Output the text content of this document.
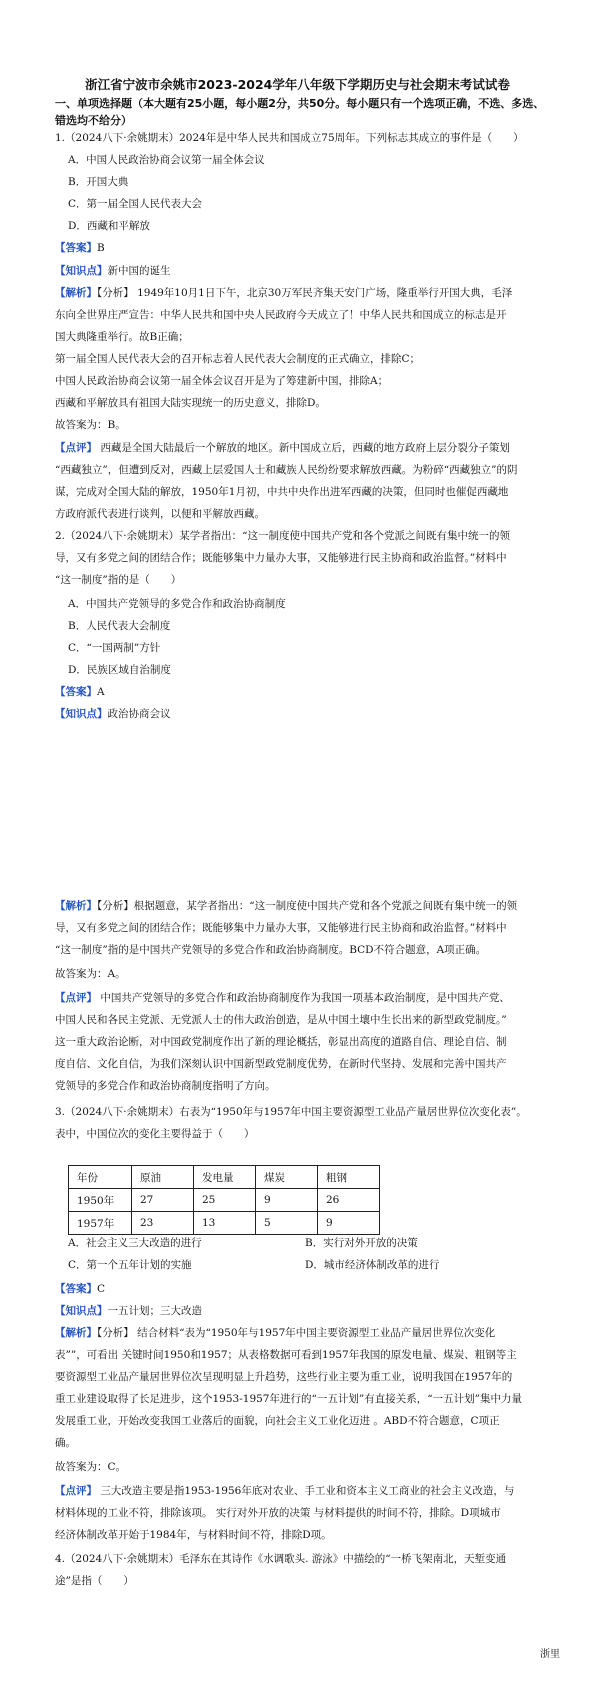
浙江省宁波市余姚市2023-2024学年八年级下学期历史与社会期末考试试卷
一、单项选择题（本大题有25小题，每小题2分，共50分。每小题只有一个选项正确，不选、多选、错选均不给分）
1.（2024八下·余姚期末）2024年是中华人民共和国成立75周年。下列标志其成立的事件是（　　）
A．中国人民政治协商会议第一届全体会议
B．开国大典
C．第一届全国人民代表大会
D．西藏和平解放
【答案】B
【知识点】新中国的诞生
【解析】【分析】 1949年10月1日下午，北京30万军民齐集天安门广场，隆重举行开国大典，毛泽
东向全世界庄严宣告：中华人民共和国中央人民政府今天成立了！中华人民共和国成立的标志是开
国大典隆重举行。故B正确；
第一届全国人民代表大会的召开标志着人民代表大会制度的正式确立，排除C；
中国人民政治协商会议第一届全体会议召开是为了筹建新中国，排除A；
西藏和平解放具有祖国大陆实现统一的历史意义，排除D。
故答案为：B。
【点评】 西藏是全国大陆最后一个解放的地区。新中国成立后，西藏的地方政府上层分裂分子策划
“西藏独立”，但遭到反对，西藏上层爱国人士和藏族人民纷纷要求解放西藏。为粉碎“西藏独立”的阴
谋，完成对全国大陆的解放，1950年1月初，中共中央作出进军西藏的决策，但同时也催促西藏地
方政府派代表进行谈判，以便和平解放西藏。
2.（2024八下·余姚期末）某学者指出：“这一制度使中国共产党和各个党派之间既有集中统一的领
导，又有多党之间的团结合作；既能够集中力量办大事，又能够进行民主协商和政治监督。”材料中
“这一制度”指的是（　　）
A．中国共产党领导的多党合作和政治协商制度
B．人民代表大会制度
C．“一国两制”方针
D．民族区域自治制度
【答案】A
【知识点】政治协商会议
【解析】【分析】根据题意，某学者指出：“这一制度使中国共产党和各个党派之间既有集中统一的领
导，又有多党之间的团结合作；既能够集中力量办大事，又能够进行民主协商和政治监督。”材料中
“这一制度”指的是中国共产党领导的多党合作和政治协商制度。BCD不符合题意，A项正确。
故答案为：A。
【点评】 中国共产党领导的多党合作和政治协商制度作为我国一项基本政治制度，是中国共产党、
中国人民和各民主党派、无党派人士的伟大政治创造，是从中国土壤中生长出来的新型政党制度。”
这一重大政治论断，对中国政党制度作出了新的理论概括，彰显出高度的道路自信、理论自信、制
度自信、文化自信，为我们深刻认识中国新型政党制度优势，在新时代坚持、发展和完善中国共产
党领导的多党合作和政治协商制度指明了方向。
3.（2024八下·余姚期末）右表为“1950年与1957年中国主要资源型工业品产量居世界位次变化表”。
表中，中国位次的变化主要得益于（　　）
年份	原油	发电量	煤炭	粗钢
1950年	27	25	9	26
1957年	23	13	5	9
A．社会主义三大改造的进行	B．实行对外开放的决策
C．第一个五年计划的实施	D．城市经济体制改革的进行
【答案】C
【知识点】一五计划；三大改造
【解析】【分析】 结合材料“表为“1950年与1957年中国主要资源型工业品产量居世界位次变化
表””，可看出 关键时间1950和1957；从表格数据可看到1957年我国的原发电量、煤炭、粗钢等主
要资源型工业品产量居世界位次呈现明显上升趋势，这些行业主要为重工业，说明我国在1957年的
重工业建设取得了长足进步，这个1953-1957年进行的“一五计划”有直接关系，“一五计划”集中力量
发展重工业，开始改变我国工业落后的面貌，向社会主义工业化迈进 。ABD不符合题意，C项正
确。
故答案为：C。
【点评】 三大改造主要是指1953-1956年底对农业、手工业和资本主义工商业的社会主义改造，与
材料体现的工业不符，排除该项。 实行对外开放的决策 与材料提供的时间不符，排除。D项城市
经济体制改革开始于1984年，与材料时间不符，排除D项。
4.（2024八下·余姚期末）毛泽东在其诗作《水调歌头. 游泳》中描绘的“一桥飞架南北，天堑变通
途”是指（　　）
浙里
